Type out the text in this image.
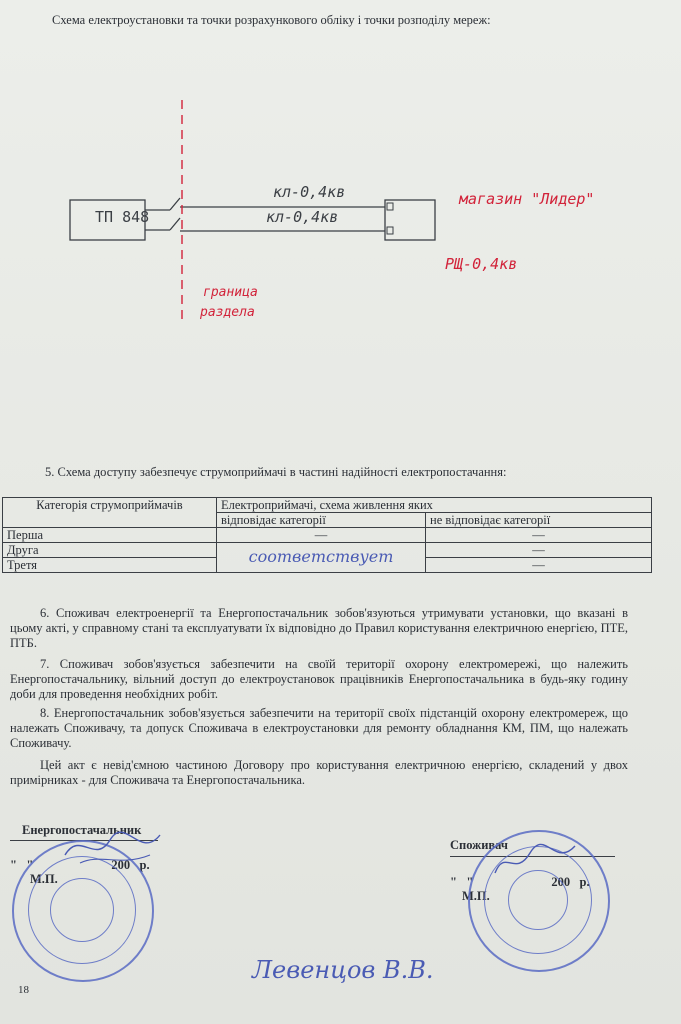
Схема електроустановки та точки розрахункового обліку і точки розподілу мереж:
кл-0,4кв
кл-0,4кв
ТП 848
магазин "Лидер"
РЩ-0,4кв
граница
раздела
5. Схема доступу забезпечує струмоприймачі в частині надійності електропостачання:
Категорія струмоприймачів	Електроприймачі, схема живлення яких	
	відповідає категорії	не відповідає категорії
Перша	—	—
Друга	соответствует	—
Третя		—
6. Споживач електроенергії та Енергопостачальник зобов'язуються утримувати установки, що вказані в цьому акті, у справному стані та експлуатувати їх відповідно до Правил користування електричною енергією, ПТЕ, ПТБ.
7. Споживач зобов'язується забезпечити на своїй території охорону електромережі, що належить Енергопостачальнику, вільний доступ до електроустановок працівників Енергопостачальника в будь-яку годину доби для проведення необхідних робіт.
8. Енергопостачальник зобов'язується забезпечити на території своїх підстанцій охорону електромереж, що належать Споживачу, та допуск Споживача в електроустановки для ремонту обладнання КМ, ПМ, що належать Споживачу.
Цей акт є невід'ємною частиною Договору про користування електричною енергією, складений у двох примірниках - для Споживача та Енергопостачальника.
Енергопостачальник
"   "                         200   р.
М.П.
Споживач
"   "                         200   р.
М.П.
Левенцов В.В.
18
